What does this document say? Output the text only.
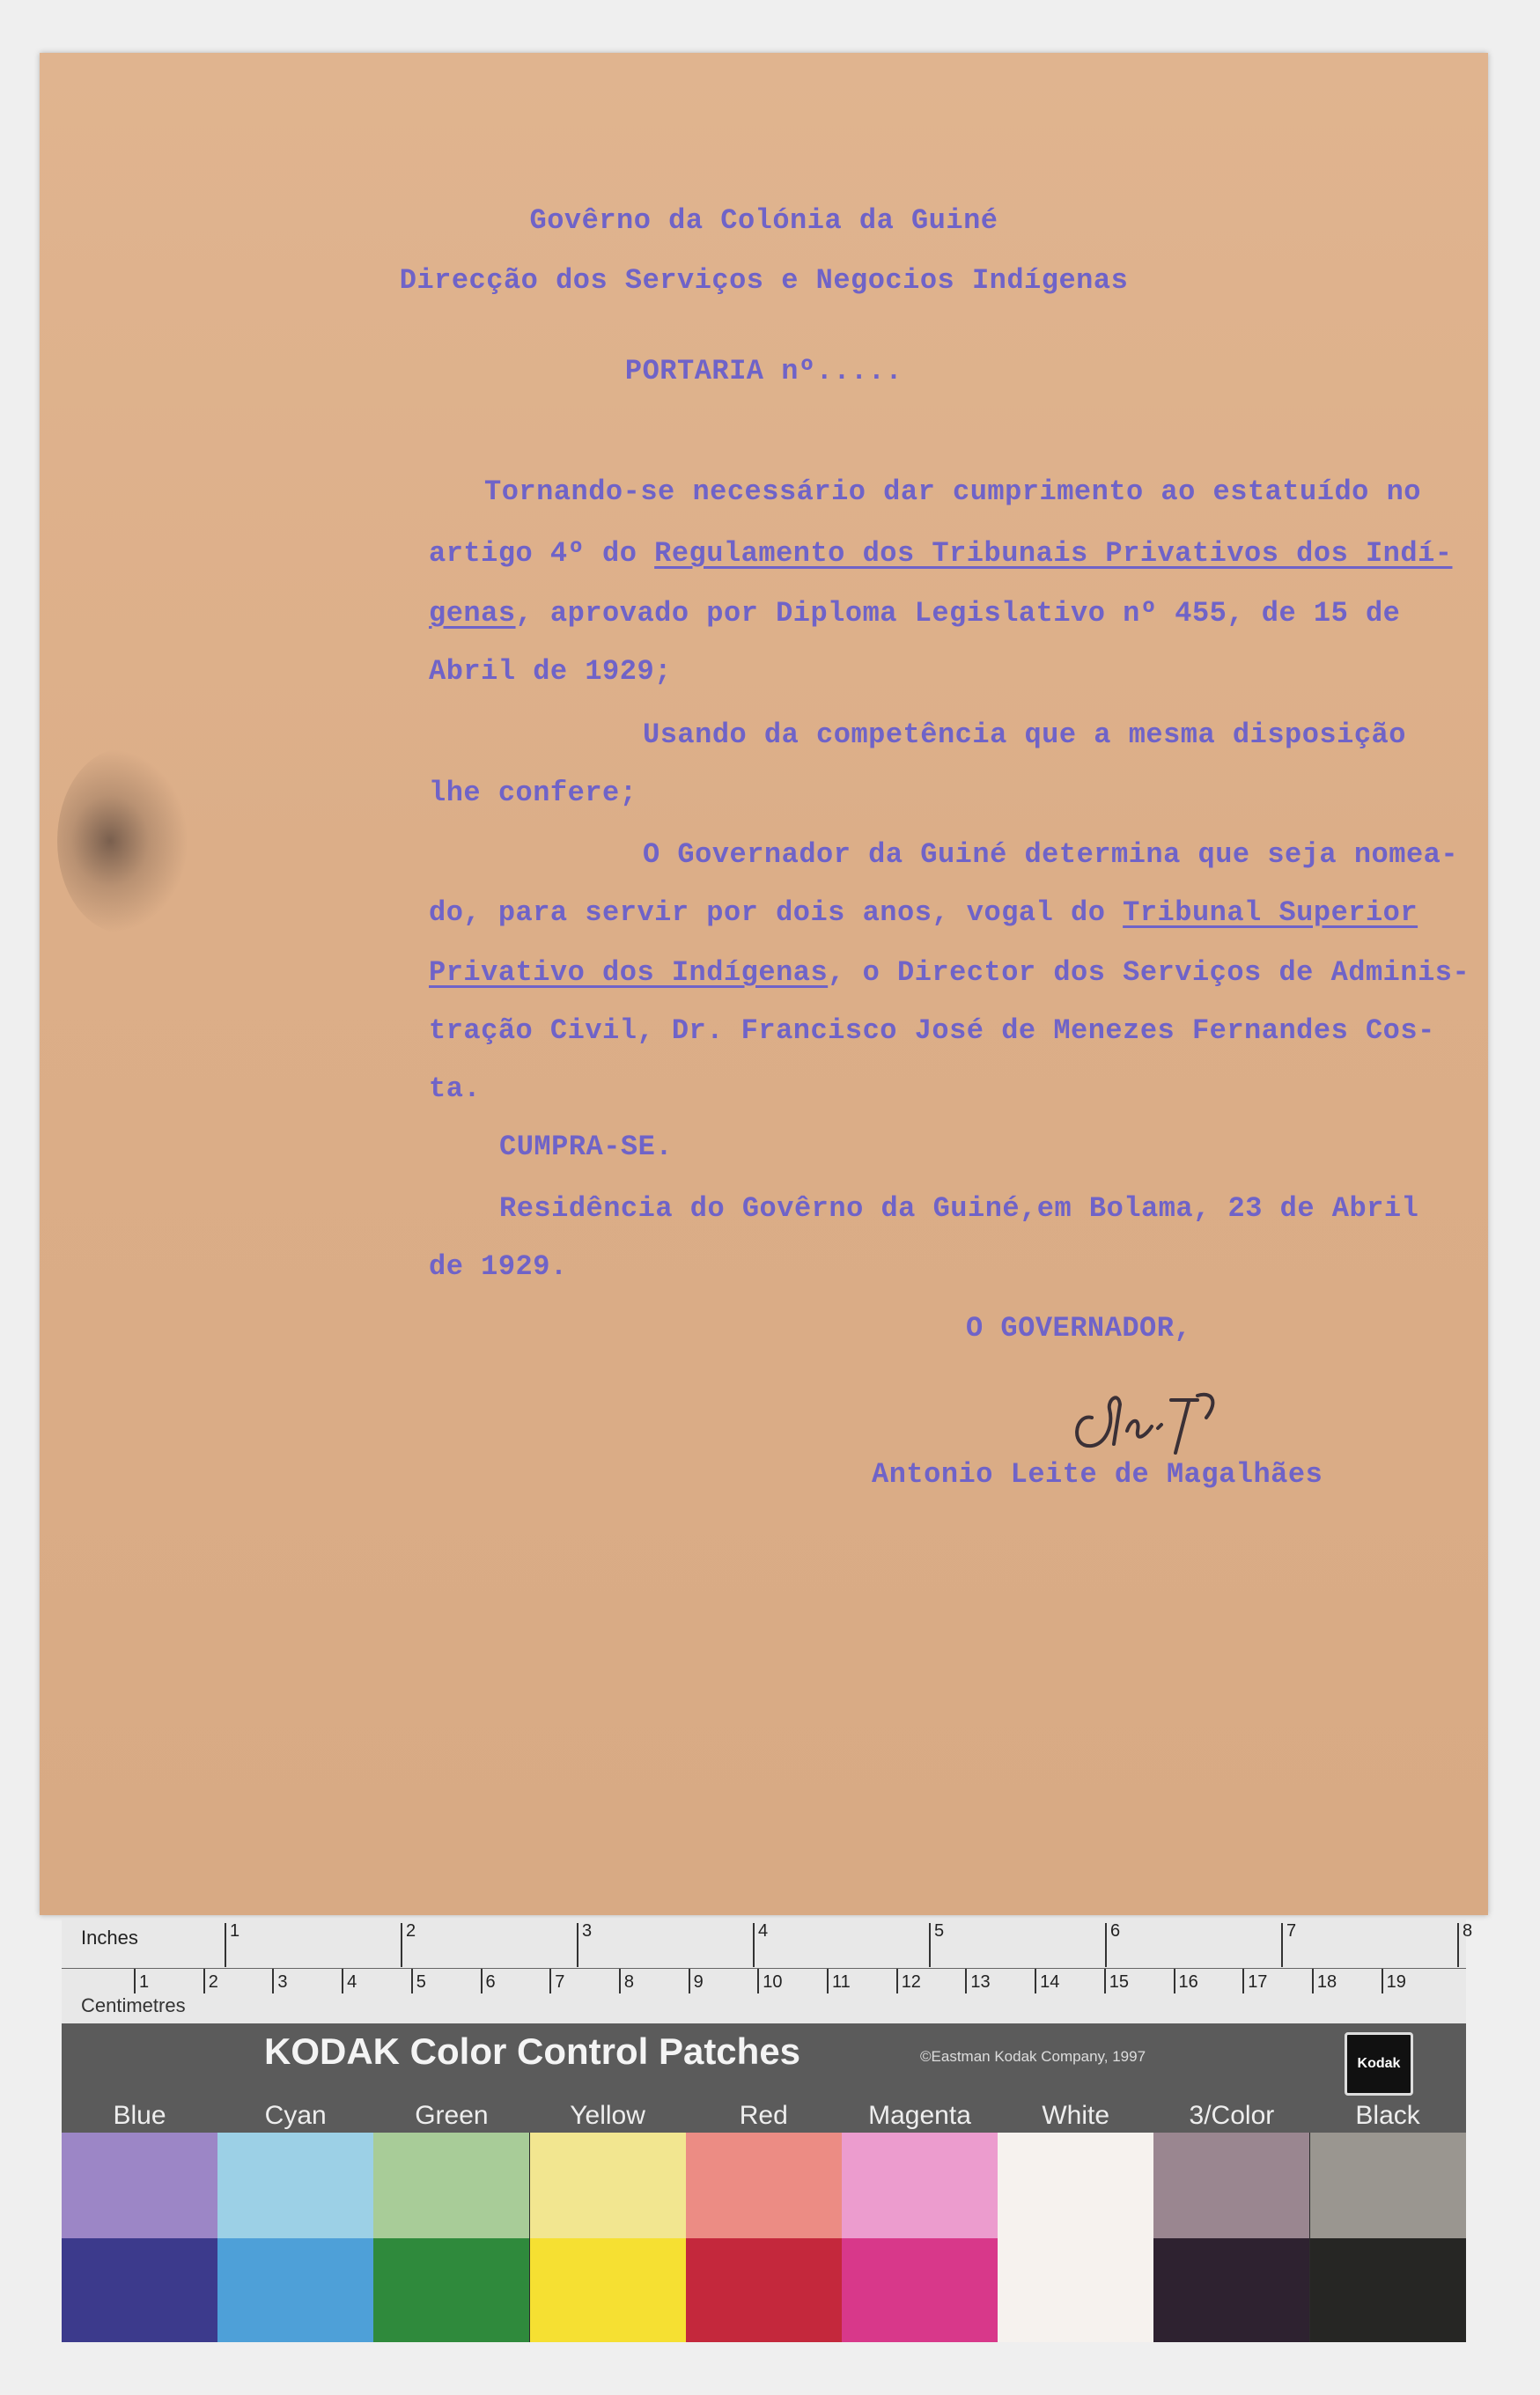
Govêrno da Colónia da Guiné
Direcção dos Serviços e Negocios Indígenas
PORTARIA nº.....
Tornando-se necessário dar cumprimento ao estatuído no
artigo 4º do Regulamento dos Tribunais Privativos dos Indí-
genas, aprovado por Diploma Legislativo nº 455, de 15 de
Abril de 1929;
Usando da competência que a mesma disposição
lhe confere;
O Governador da Guiné determina que seja nomea-
do, para servir por dois anos, vogal do Tribunal Superior
Privativo dos Indígenas, o Director dos Serviços de Adminis-
tração Civil, Dr. Francisco José de Menezes Fernandes Cos-
ta.
CUMPRA-SE.
Residência do Govêrno da Guiné,em Bolama, 23 de Abril
de 1929.
O GOVERNADOR,
Antonio Leite de Magalhães
Inches
Centimetres
1	2	3	4	5	6	7	8
1	2	3	4	5	6	7	8	9	10	11	12	13	14	15	16	17	18	19
KODAK Color Control Patches	©Eastman Kodak Company, 1997	Kodak
Blue	Cyan	Green	Yellow	Red	Magenta	White	3/Color	Black
